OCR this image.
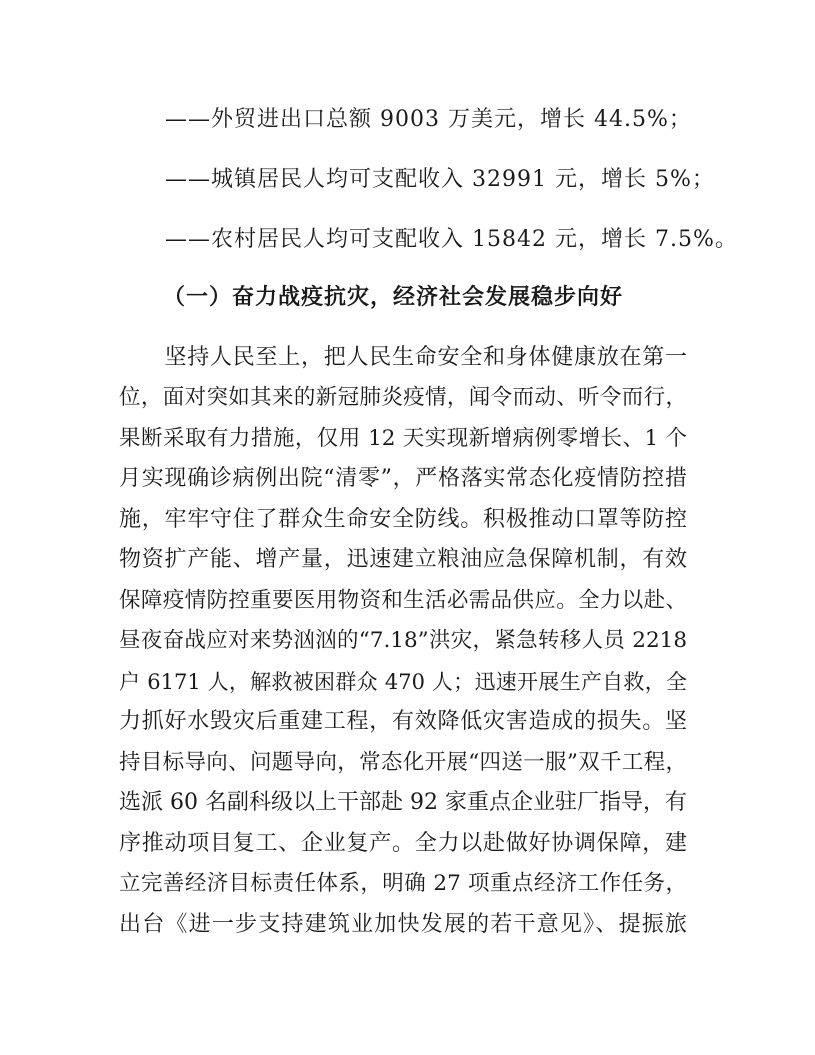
——外贸进出口总额 9003 万美元，增长 44.5%；
——城镇居民人均可支配收入 32991 元，增长 5%；
——农村居民人均可支配收入 15842 元，增长 7.5%。
（一）奋力战疫抗灾，经济社会发展稳步向好
　　坚持人民至上，把人民生命安全和身体健康放在第一
位，面对突如其来的新冠肺炎疫情，闻令而动、听令而行，
果断采取有力措施，仅用 12 天实现新增病例零增长、1 个
月实现确诊病例出院“清零”，严格落实常态化疫情防控措
施，牢牢守住了群众生命安全防线。积极推动口罩等防控
物资扩产能、增产量，迅速建立粮油应急保障机制，有效
保障疫情防控重要医用物资和生活必需品供应。全力以赴、
昼夜奋战应对来势汹汹的“7.18”洪灾，紧急转移人员 2218
户 6171 人，解救被困群众 470 人；迅速开展生产自救，全
力抓好水毁灾后重建工程，有效降低灾害造成的损失。坚
持目标导向、问题导向，常态化开展“四送一服”双千工程，
选派 60 名副科级以上干部赴 92 家重点企业驻厂指导，有
序推动项目复工、企业复产。全力以赴做好协调保障，建
立完善经济目标责任体系，明确 27 项重点经济工作任务，
出台《进一步支持建筑业加快发展的若干意见》、提振旅
